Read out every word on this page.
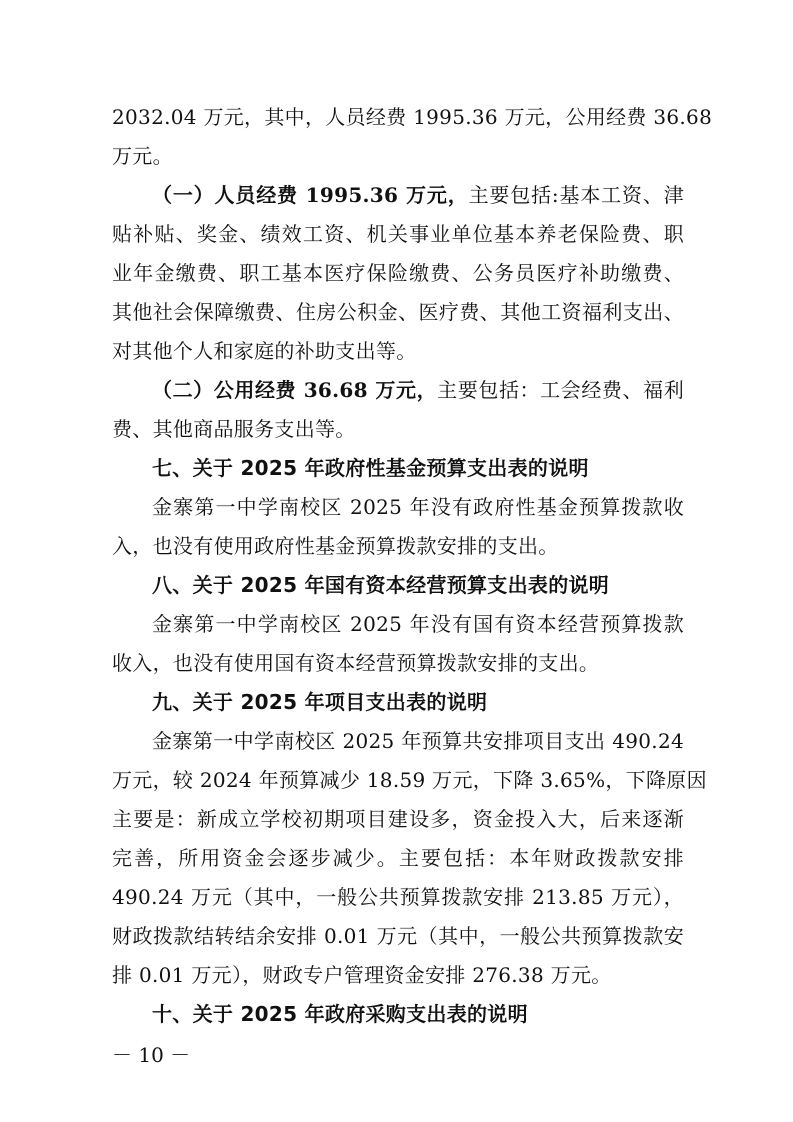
2032.04 万元，其中，人员经费 1995.36 万元，公用经费 36.68
万元。
（一）人员经费 1995.36 万元，主要包括:基本工资、津
贴补贴、奖金、绩效工资、机关事业单位基本养老保险费、职
业年金缴费、职工基本医疗保险缴费、公务员医疗补助缴费、
其他社会保障缴费、住房公积金、医疗费、其他工资福利支出、
对其他个人和家庭的补助支出等。
（二）公用经费 36.68 万元，主要包括：工会经费、福利
费、其他商品服务支出等。
七、关于 2025 年政府性基金预算支出表的说明
金寨第一中学南校区 2025 年没有政府性基金预算拨款收
入，也没有使用政府性基金预算拨款安排的支出。
八、关于 2025 年国有资本经营预算支出表的说明
金寨第一中学南校区 2025 年没有国有资本经营预算拨款
收入，也没有使用国有资本经营预算拨款安排的支出。
九、关于 2025 年项目支出表的说明
金寨第一中学南校区 2025 年预算共安排项目支出 490.24
万元，较 2024 年预算减少 18.59 万元，下降 3.65%，下降原因
主要是：新成立学校初期项目建设多，资金投入大，后来逐渐
完善，所用资金会逐步减少。主要包括：本年财政拨款安排
490.24 万元（其中，一般公共预算拨款安排 213.85 万元），
财政拨款结转结余安排 0.01 万元（其中，一般公共预算拨款安
排 0.01 万元），财政专户管理资金安排 276.38 万元。
十、关于 2025 年政府采购支出表的说明
－ 10 －
